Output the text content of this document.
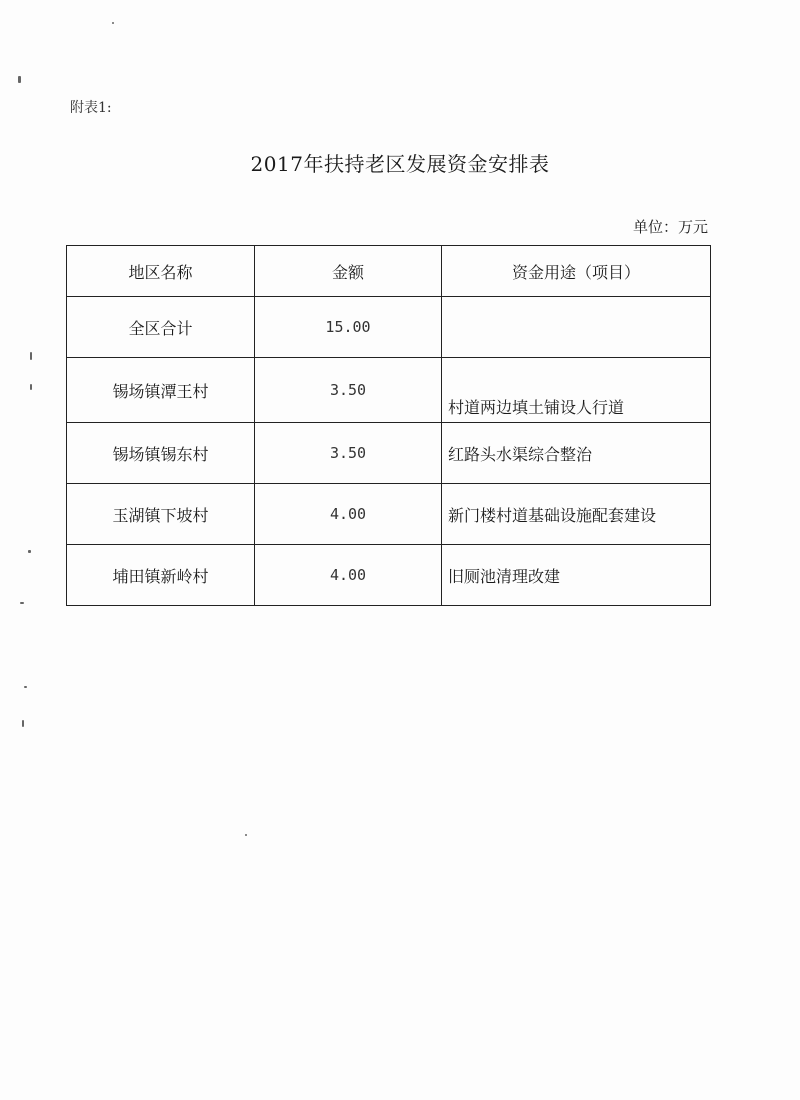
附表1:
2017年扶持老区发展资金安排表
单位：万元
地区名称	金额	资金用途（项目）
全区合计	15.00	
锡场镇潭王村	3.50	村道两边填土铺设人行道
锡场镇锡东村	3.50	红路头水渠综合整治
玉湖镇下坡村	4.00	新门楼村道基础设施配套建设
埔田镇新岭村	4.00	旧厕池清理改建
